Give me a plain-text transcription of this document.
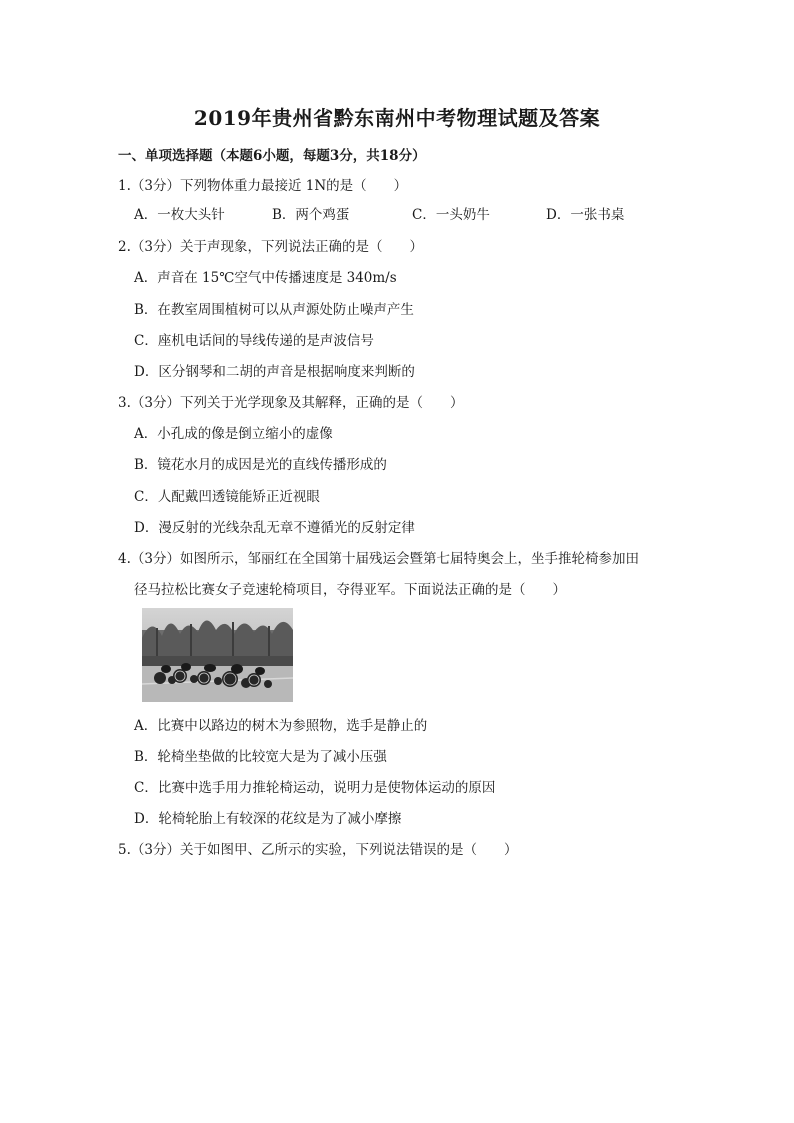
2019年贵州省黔东南州中考物理试题及答案
一、单项选择题（本题6小题，每题3分，共18分）
1.（3分）下列物体重力最接近 1N的是（　　）
A．一枚大头针	B．两个鸡蛋	C．一头奶牛	D．一张书桌
2.（3分）关于声现象，下列说法正确的是（　　）
A．声音在 15℃空气中传播速度是 340m/s
B．在教室周围植树可以从声源处防止噪声产生
C．座机电话间的导线传递的是声波信号
D．区分钢琴和二胡的声音是根据响度来判断的
3.（3分）下列关于光学现象及其解释，正确的是（　　）
A．小孔成的像是倒立缩小的虚像
B．镜花水月的成因是光的直线传播形成的
C．人配戴凹透镜能矫正近视眼
D．漫反射的光线杂乱无章不遵循光的反射定律
4.（3分）如图所示，邹丽红在全国第十届残运会暨第七届特奥会上，坐手推轮椅参加田
径马拉松比赛女子竞速轮椅项目，夺得亚军。下面说法正确的是（　　）
A．比赛中以路边的树木为参照物，选手是静止的
B．轮椅坐垫做的比较宽大是为了减小压强
C．比赛中选手用力推轮椅运动，说明力是使物体运动的原因
D．轮椅轮胎上有较深的花纹是为了减小摩擦
5.（3分）关于如图甲、乙所示的实验，下列说法错误的是（　　）
